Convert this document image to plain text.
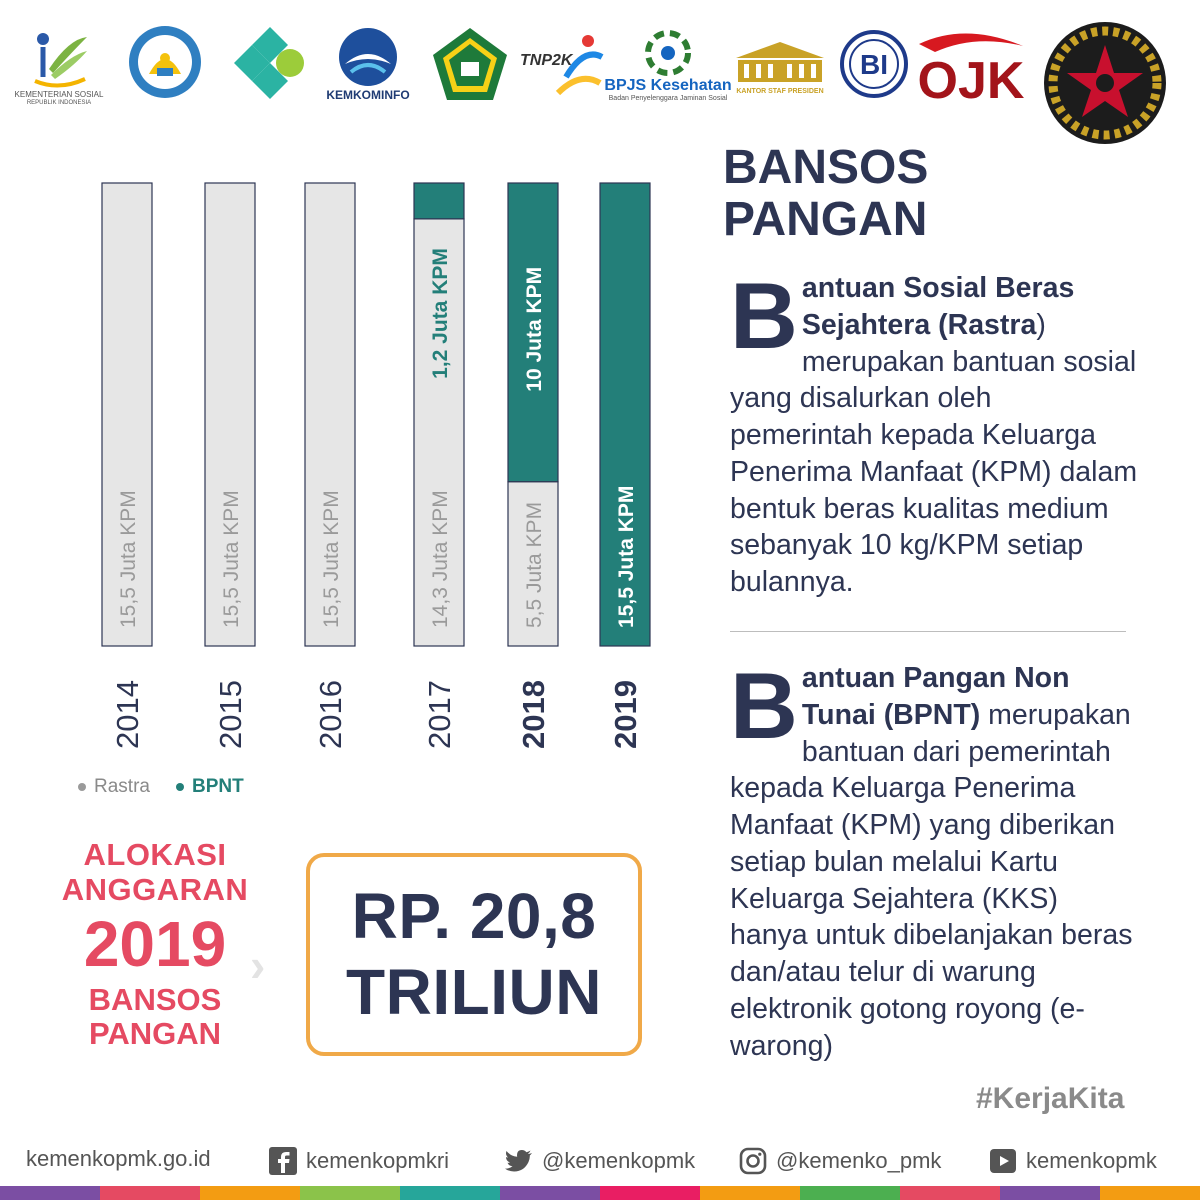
KEMENTERIAN SOSIAL
REPUBLIK INDONESIA
KEMKOMINFO
TNP2K
BPJS Kesehatan
Badan Penyelenggara Jaminan Sosial
KANTOR STAF PRESIDEN
BI OJK
15,5 Juta KPM
2014
15,5 Juta KPM
2015
15,5 Juta KPM
2016
14,3 Juta KPM
1,2 Juta KPM
2017
5,5 Juta KPM
10 Juta KPM
2018
15,5 Juta KPM
2019
Rastra BPNT
ALOKASI
ANGGARAN
2019
BANSOS
PANGAN
›
RP. 20,8
TRILIUN
BANSOS
PANGAN
Bantuan Sosial Beras Sejahtera (Rastra) merupakan bantuan sosial yang disalurkan oleh pemerintah kepada Keluarga Penerima Manfaat (KPM) dalam bentuk beras kualitas medium sebanyak 10 kg/KPM setiap bulannya.
Bantuan Pangan Non Tunai (BPNT) merupakan bantuan dari pemerintah kepada Keluarga Penerima Manfaat (KPM) yang diberikan setiap bulan melalui Kartu Keluarga Sejahtera (KKS) hanya untuk dibelanjakan beras dan/atau telur di warung elektronik gotong royong (e-warong)
#KerjaKita
kemenkopmk.go.id	kemenkopmkri	@kemenkopmk	@kemenko_pmk	kemenkopmk
